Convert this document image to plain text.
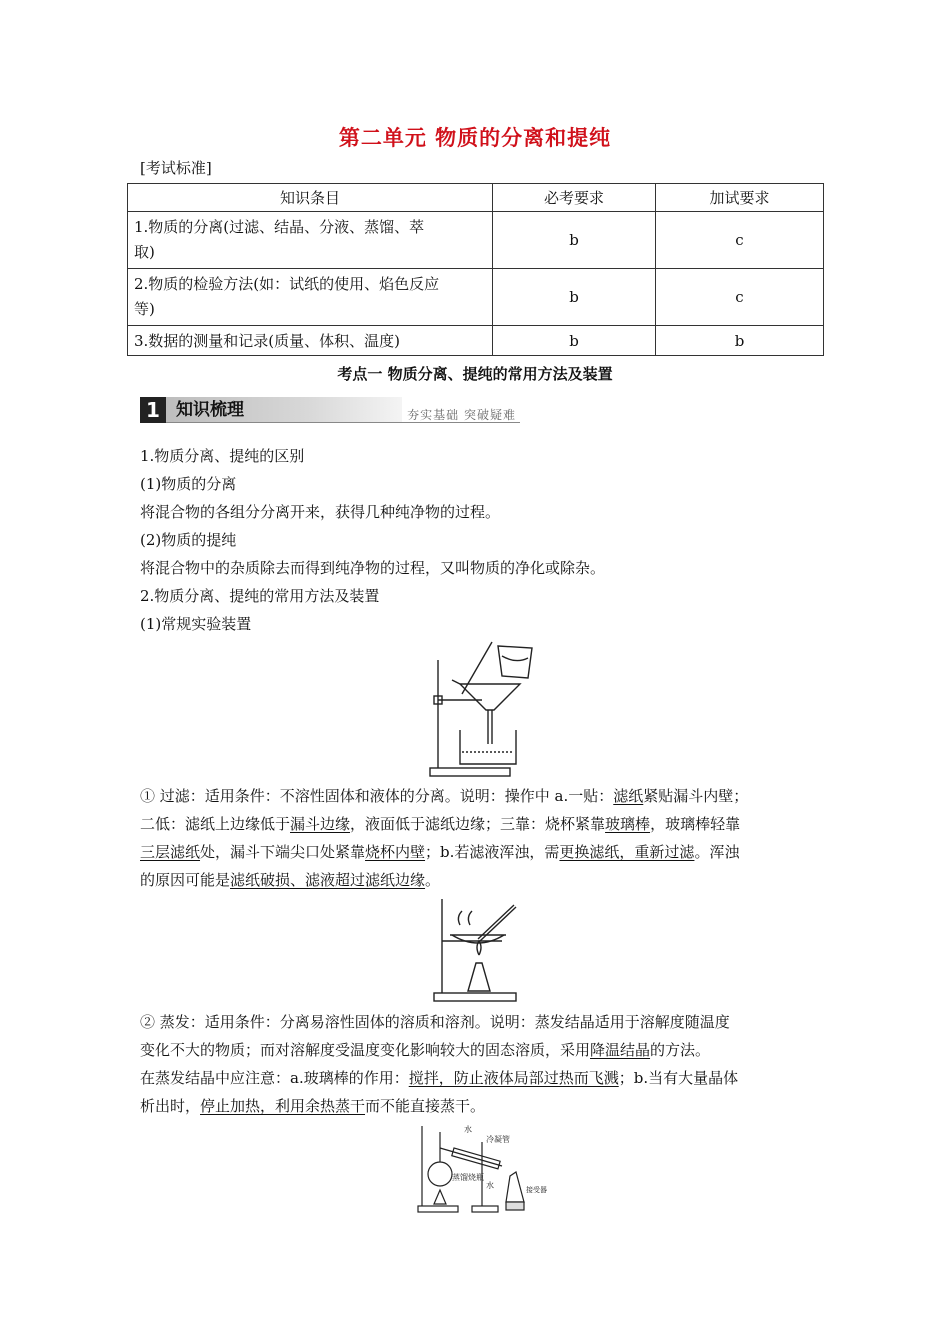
第二单元 物质的分离和提纯
[考试标准]
知识条目	必考要求	加试要求
1.物质的分离(过滤、结晶、分液、蒸馏、萃
取)	b	c
2.物质的检验方法(如：试纸的使用、焰色反应
等)	b	c
3.数据的测量和记录(质量、体积、温度)	b	b
考点一 物质分离、提纯的常用方法及装置
1 知识梳理	夯实基础 突破疑难
1.物质分离、提纯的区别
(1)物质的分离
将混合物的各组分分离开来，获得几种纯净物的过程。
(2)物质的提纯
将混合物中的杂质除去而得到纯净物的过程，又叫物质的净化或除杂。
2.物质分离、提纯的常用方法及装置
(1)常规实验装置
① 过滤：适用条件：不溶性固体和液体的分离。说明：操作中 a.一贴：滤纸紧贴漏斗内壁；
二低：滤纸上边缘低于漏斗边缘，液面低于滤纸边缘；三靠：烧杯紧靠玻璃棒，玻璃棒轻靠
三层滤纸处，漏斗下端尖口处紧靠烧杯内壁；b.若滤液浑浊，需更换滤纸，重新过滤。浑浊
的原因可能是滤纸破损、滤液超过滤纸边缘。
② 蒸发：适用条件：分离易溶性固体的溶质和溶剂。说明：蒸发结晶适用于溶解度随温度
变化不大的物质；而对溶解度受温度变化影响较大的固态溶质，采用降温结晶的方法。
在蒸发结晶中应注意：a.玻璃棒的作用：搅拌，防止液体局部过热而飞溅；b.当有大量晶体
析出时，停止加热，利用余热蒸干而不能直接蒸干。
水
冷凝管
蒸馏烧瓶
水	接受器
